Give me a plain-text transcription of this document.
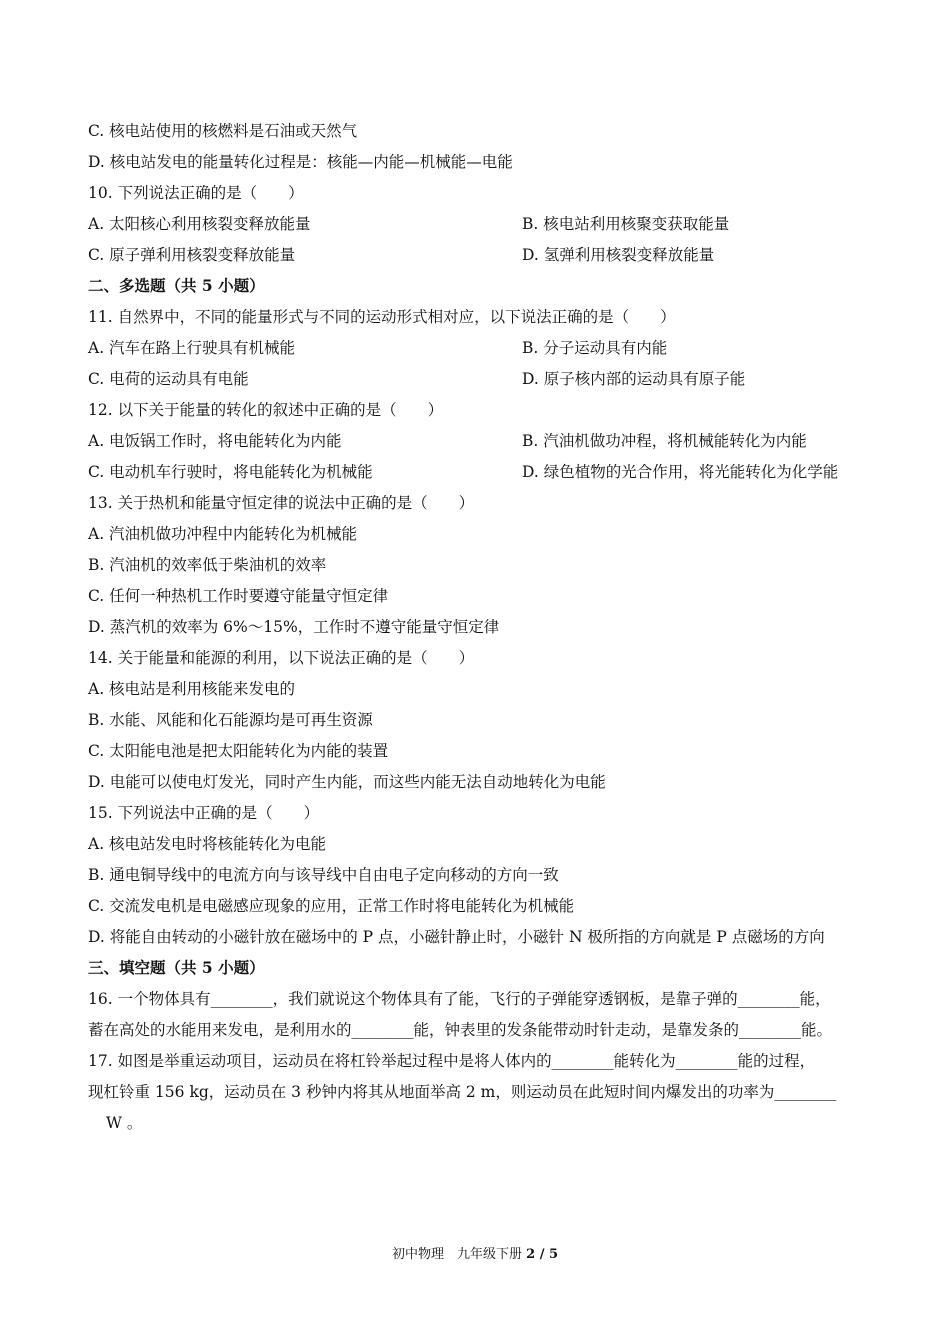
C. 核电站使用的核燃料是石油或天然气
D. 核电站发电的能量转化过程是：核能—内能—机械能—电能
10. 下列说法正确的是（　　）
A. 太阳核心利用核裂变释放能量	B. 核电站利用核聚变获取能量
C. 原子弹利用核裂变释放能量	D. 氢弹利用核裂变释放能量
二、多选题（共 5 小题）
11. 自然界中，不同的能量形式与不同的运动形式相对应，以下说法正确的是（　　）
A. 汽车在路上行驶具有机械能	B. 分子运动具有内能
C. 电荷的运动具有电能	D. 原子核内部的运动具有原子能
12. 以下关于能量的转化的叙述中正确的是（　　）
A. 电饭锅工作时，将电能转化为内能	B. 汽油机做功冲程，将机械能转化为内能
C. 电动机车行驶时，将电能转化为机械能	D. 绿色植物的光合作用，将光能转化为化学能
13. 关于热机和能量守恒定律的说法中正确的是（　　）
A. 汽油机做功冲程中内能转化为机械能
B. 汽油机的效率低于柴油机的效率
C. 任何一种热机工作时要遵守能量守恒定律
D. 蒸汽机的效率为 6%～15%，工作时不遵守能量守恒定律
14. 关于能量和能源的利用，以下说法正确的是（　　）
A. 核电站是利用核能来发电的
B. 水能、风能和化石能源均是可再生资源
C. 太阳能电池是把太阳能转化为内能的装置
D. 电能可以使电灯发光，同时产生内能，而这些内能无法自动地转化为电能
15. 下列说法中正确的是（　　）
A. 核电站发电时将核能转化为电能
B. 通电铜导线中的电流方向与该导线中自由电子定向移动的方向一致
C. 交流发电机是电磁感应现象的应用，正常工作时将电能转化为机械能
D. 将能自由转动的小磁针放在磁场中的 P 点，小磁针静止时，小磁针 N 极所指的方向就是 P 点磁场的方向
三、填空题（共 5 小题）
16. 一个物体具有________，我们就说这个物体具有了能，飞行的子弹能穿透钢板，是靠子弹的________能，
蓄在高处的水能用来发电，是利用水的________能，钟表里的发条能带动时针走动，是靠发条的________能。
17. 如图是举重运动项目，运动员在将杠铃举起过程中是将人体内的________能转化为________能的过程，
现杠铃重 156 kg，运动员在 3 秒钟内将其从地面举高 2 m，则运动员在此短时间内爆发出的功率为________
W 。
初中物理　九年级下册 2 / 5
